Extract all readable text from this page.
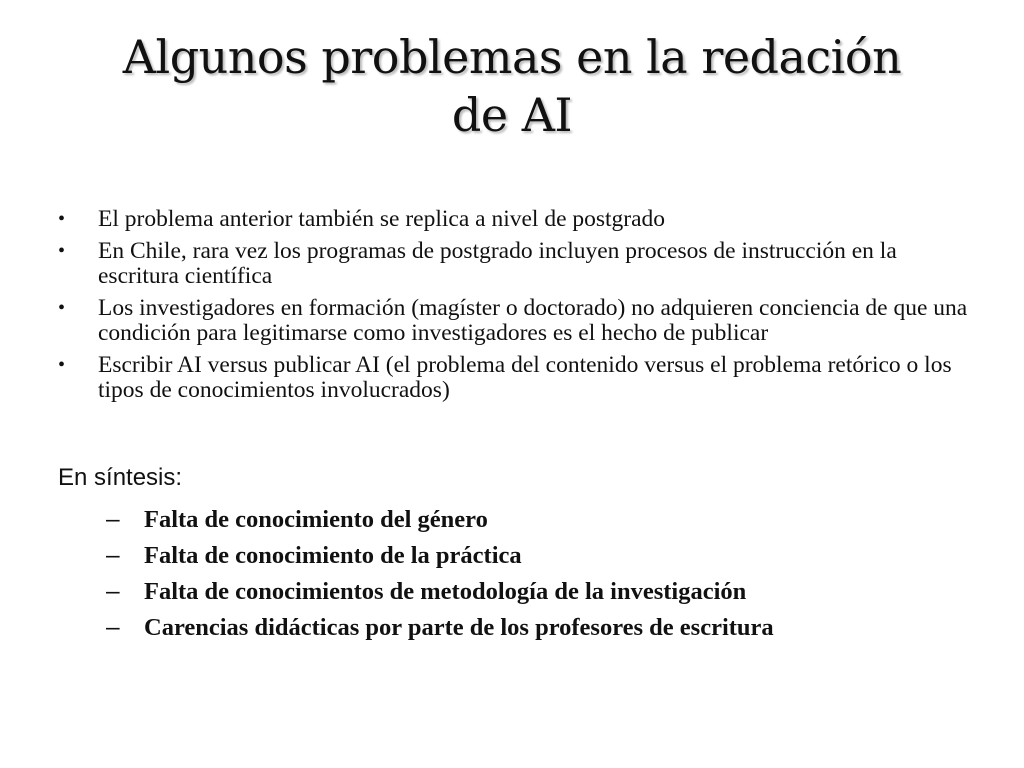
Algunos problemas en la redación
de AI
• El problema anterior también se replica a nivel de postgrado
• En Chile, rara vez los programas de postgrado incluyen procesos de instrucción en la escritura científica
• Los investigadores en formación (magíster o doctorado) no adquieren conciencia de que una condición para legitimarse como investigadores es el hecho de publicar
• Escribir AI versus publicar AI (el problema del contenido versus el problema retórico o los tipos de conocimientos involucrados)

En síntesis:

– Falta de conocimiento del género
– Falta de conocimiento de la práctica
– Falta de conocimientos de metodología de la investigación
– Carencias didácticas por parte de los profesores de escritura
